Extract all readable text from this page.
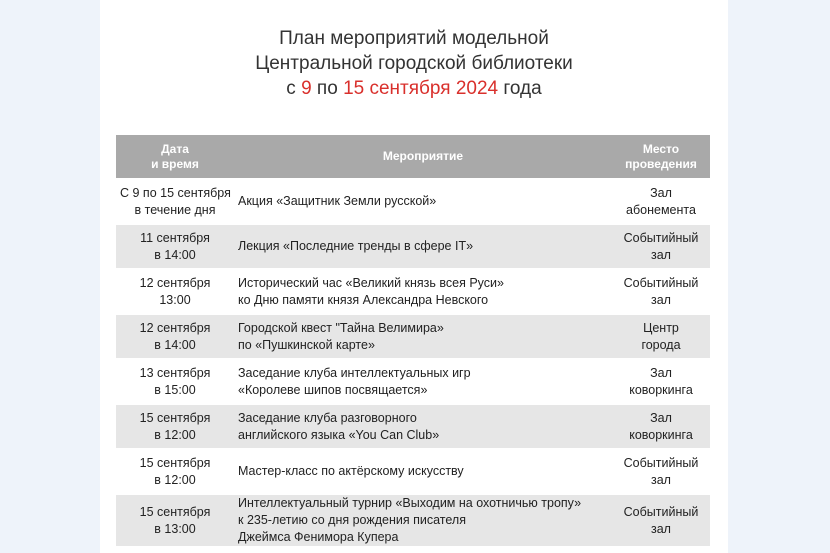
План мероприятий модельной
Центральной городской библиотеки
с 9 по 15 сентября 2024 года
Дата
и время	Мероприятие	Место
проведения

С 9 по 15 сентября
в течение дня	Акция «Защитник Земли русской»	Зал
абонемента

11 сентября
в 14:00	Лекция «Последние тренды в сфере IT»	Событийный
зал

12 сентября
13:00	Исторический час «Великий князь всея Руси»
ко Дню памяти князя Александра Невского	Событийный
зал

12 сентября
в 14:00	Городской квест "Тайна Велимира»
по «Пушкинской карте»	Центр
города

13 сентября
в 15:00	Заседание клуба интеллектуальных игр
«Королеве шипов посвящается»	Зал
коворкинга

15 сентября
в 12:00	Заседание клуба разговорного
английского языка «You Can Club»	Зал
коворкинга

15 сентября
в 12:00	Мастер-класс по актёрскому искусству	Событийный
зал

15 сентября
в 13:00	Интеллектуальный турнир «Выходим на охотничью тропу»
к 235-летию со дня рождения писателя
Джеймса Фенимора Купера	Событийный
зал
